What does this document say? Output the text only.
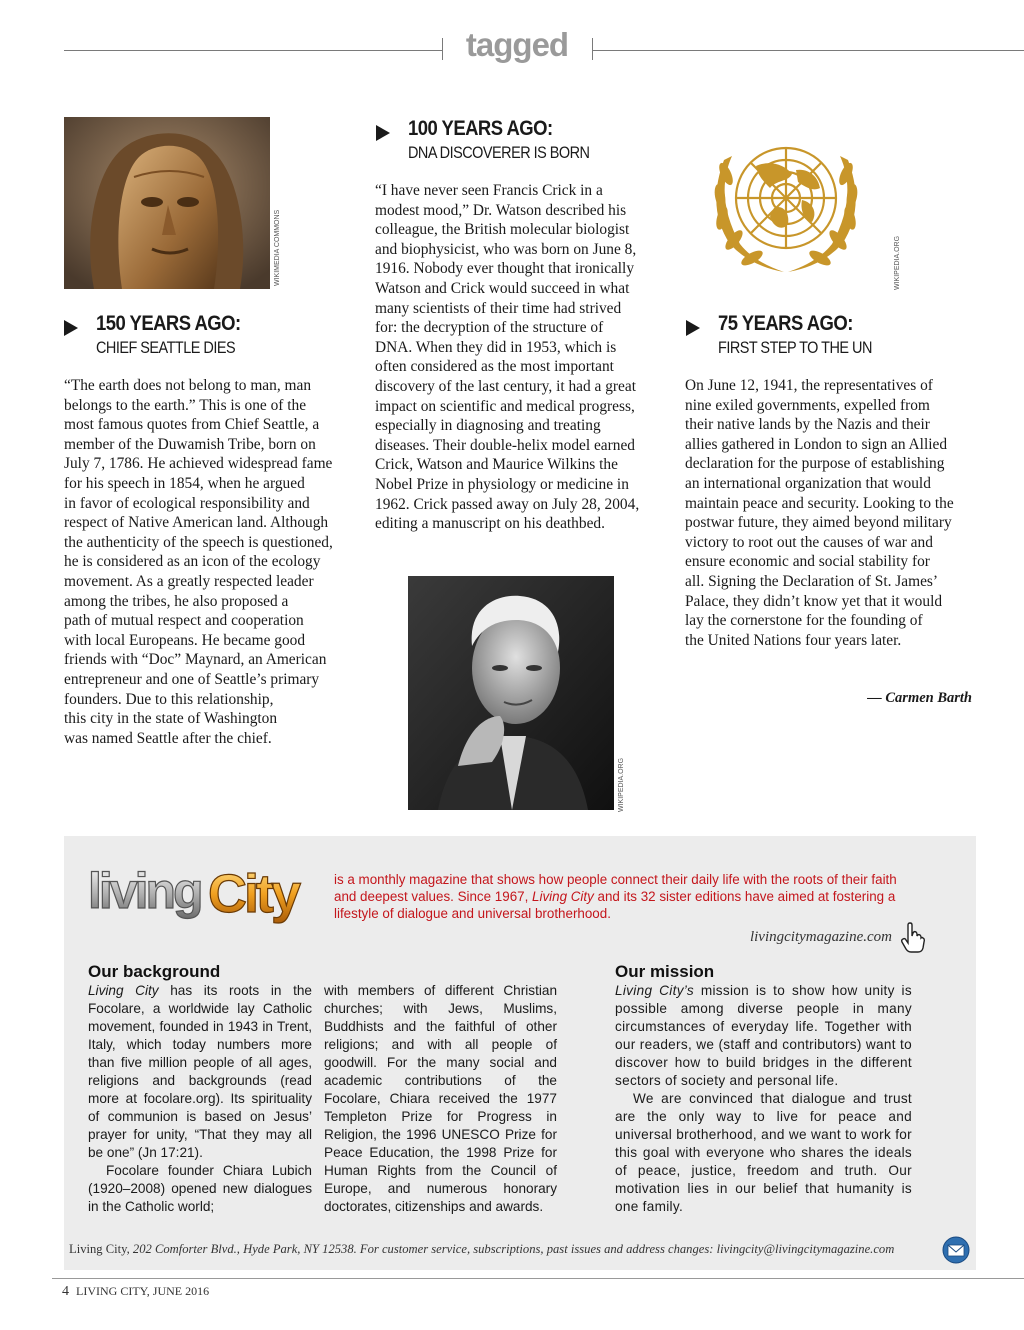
tagged
WIKIMEDIA COMMONS	WIKIPEDIA.ORG
WIKIPEDIA.ORG
150 YEARS AGO:
CHIEF SEATTLE DIES

“The earth does not belong to man, man

belongs to the earth.” This is one of the

most famous quotes from Chief Seattle, a

member of the Duwamish Tribe, born on

July 7, 1786. He achieved widespread fame

for his speech in 1854, when he argued

in favor of ecological responsibility and

respect of Native American land. Although

the authenticity of the speech is questioned,

he is considered as an icon of the ecology

movement. As a greatly respected leader

among the tribes, he also proposed a

path of mutual respect and cooperation

with local Europeans. He became good

friends with “Doc” Maynard, an American

entrepreneur and one of Seattle’s primary

founders. Due to this relationship,

this city in the state of Washington

was named Seattle after the chief.

100 YEARS AGO:
DNA DISCOVERER IS BORN

“I have never seen Francis Crick in a

modest mood,” Dr. Watson described his

colleague, the British molecular biologist

and biophysicist, who was born on June 8,

1916. Nobody ever thought that ironically

Watson and Crick would succeed in what

many scientists of their time had strived

for: the decryption of the structure of

DNA. When they did in 1953, which is

often considered as the most important

discovery of the last century, it had a great

impact on scientific and medical progress,

especially in diagnosing and treating

diseases. Their double-helix model earned

Crick, Watson and Maurice Wilkins the

Nobel Prize in physiology or medicine in

1962. Crick passed away on July 28, 2004,

editing a manuscript on his deathbed.

75 YEARS AGO:
FIRST STEP TO THE UN

On June 12, 1941, the representatives of

nine exiled governments, expelled from

their native lands by the Nazis and their

allies gathered in London to sign an Allied

declaration for the purpose of establishing

an international organization that would

maintain peace and security. Looking to the

postwar future, they aimed beyond military

victory to root out the causes of war and

ensure economic and social stability for

all. Signing the Declaration of St. James’

Palace, they didn’t know yet that it would

lay the cornerstone for the founding of

the United Nations four years later.

— Carmen Barth
living City	is a monthly magazine that shows how people connect their daily life with the roots of their faith and deepest values. Since 1967, Living City and its 32 sister editions have aimed at fostering a lifestyle of dialogue and universal brotherhood.
livingcitymagazine.com
Our background

Living City has its roots in the Focolare, a worldwide lay Catholic movement, founded in 1943 in Trent, Italy, which today numbers more than five million people of all ages, religions and backgrounds (read more at focolare.org). Its spirituality of communion is based on Jesus’ prayer for unity, “That they may all be one” (Jn 17:21).

Focolare founder Chiara Lubich (1920–2008) opened new dialogues in the Catholic world;

with members of different Christian churches; with Jews, Muslims, Buddhists and the faithful of other religions; and with all people of goodwill. For the many social and academic contributions of the Focolare, Chiara received the 1977 Templeton Prize for Progress in Religion, the 1996 UNESCO Prize for Peace Education, the 1998 Prize for Human Rights from the Council of Europe, and numerous honorary doctorates, citizenships and awards.

Our mission

Living City’s mission is to show how unity is possible among diverse people in many circumstances of everyday life. Together with our readers, we (staff and contributors) want to discover how to build bridges in the different sectors of society and personal life.

We are convinced that dialogue and trust are the only way to live for peace and universal brotherhood, and we want to work for this goal with everyone who shares the ideals of peace, justice, freedom and truth. Our motivation lies in our belief that humanity is one family.

Living City, 202 Comforter Blvd., Hyde Park, NY 12538. For customer service, subscriptions, past issues and address changes: livingcity@livingcitymagazine.com
4 LIVING CITY, JUNE 2016
